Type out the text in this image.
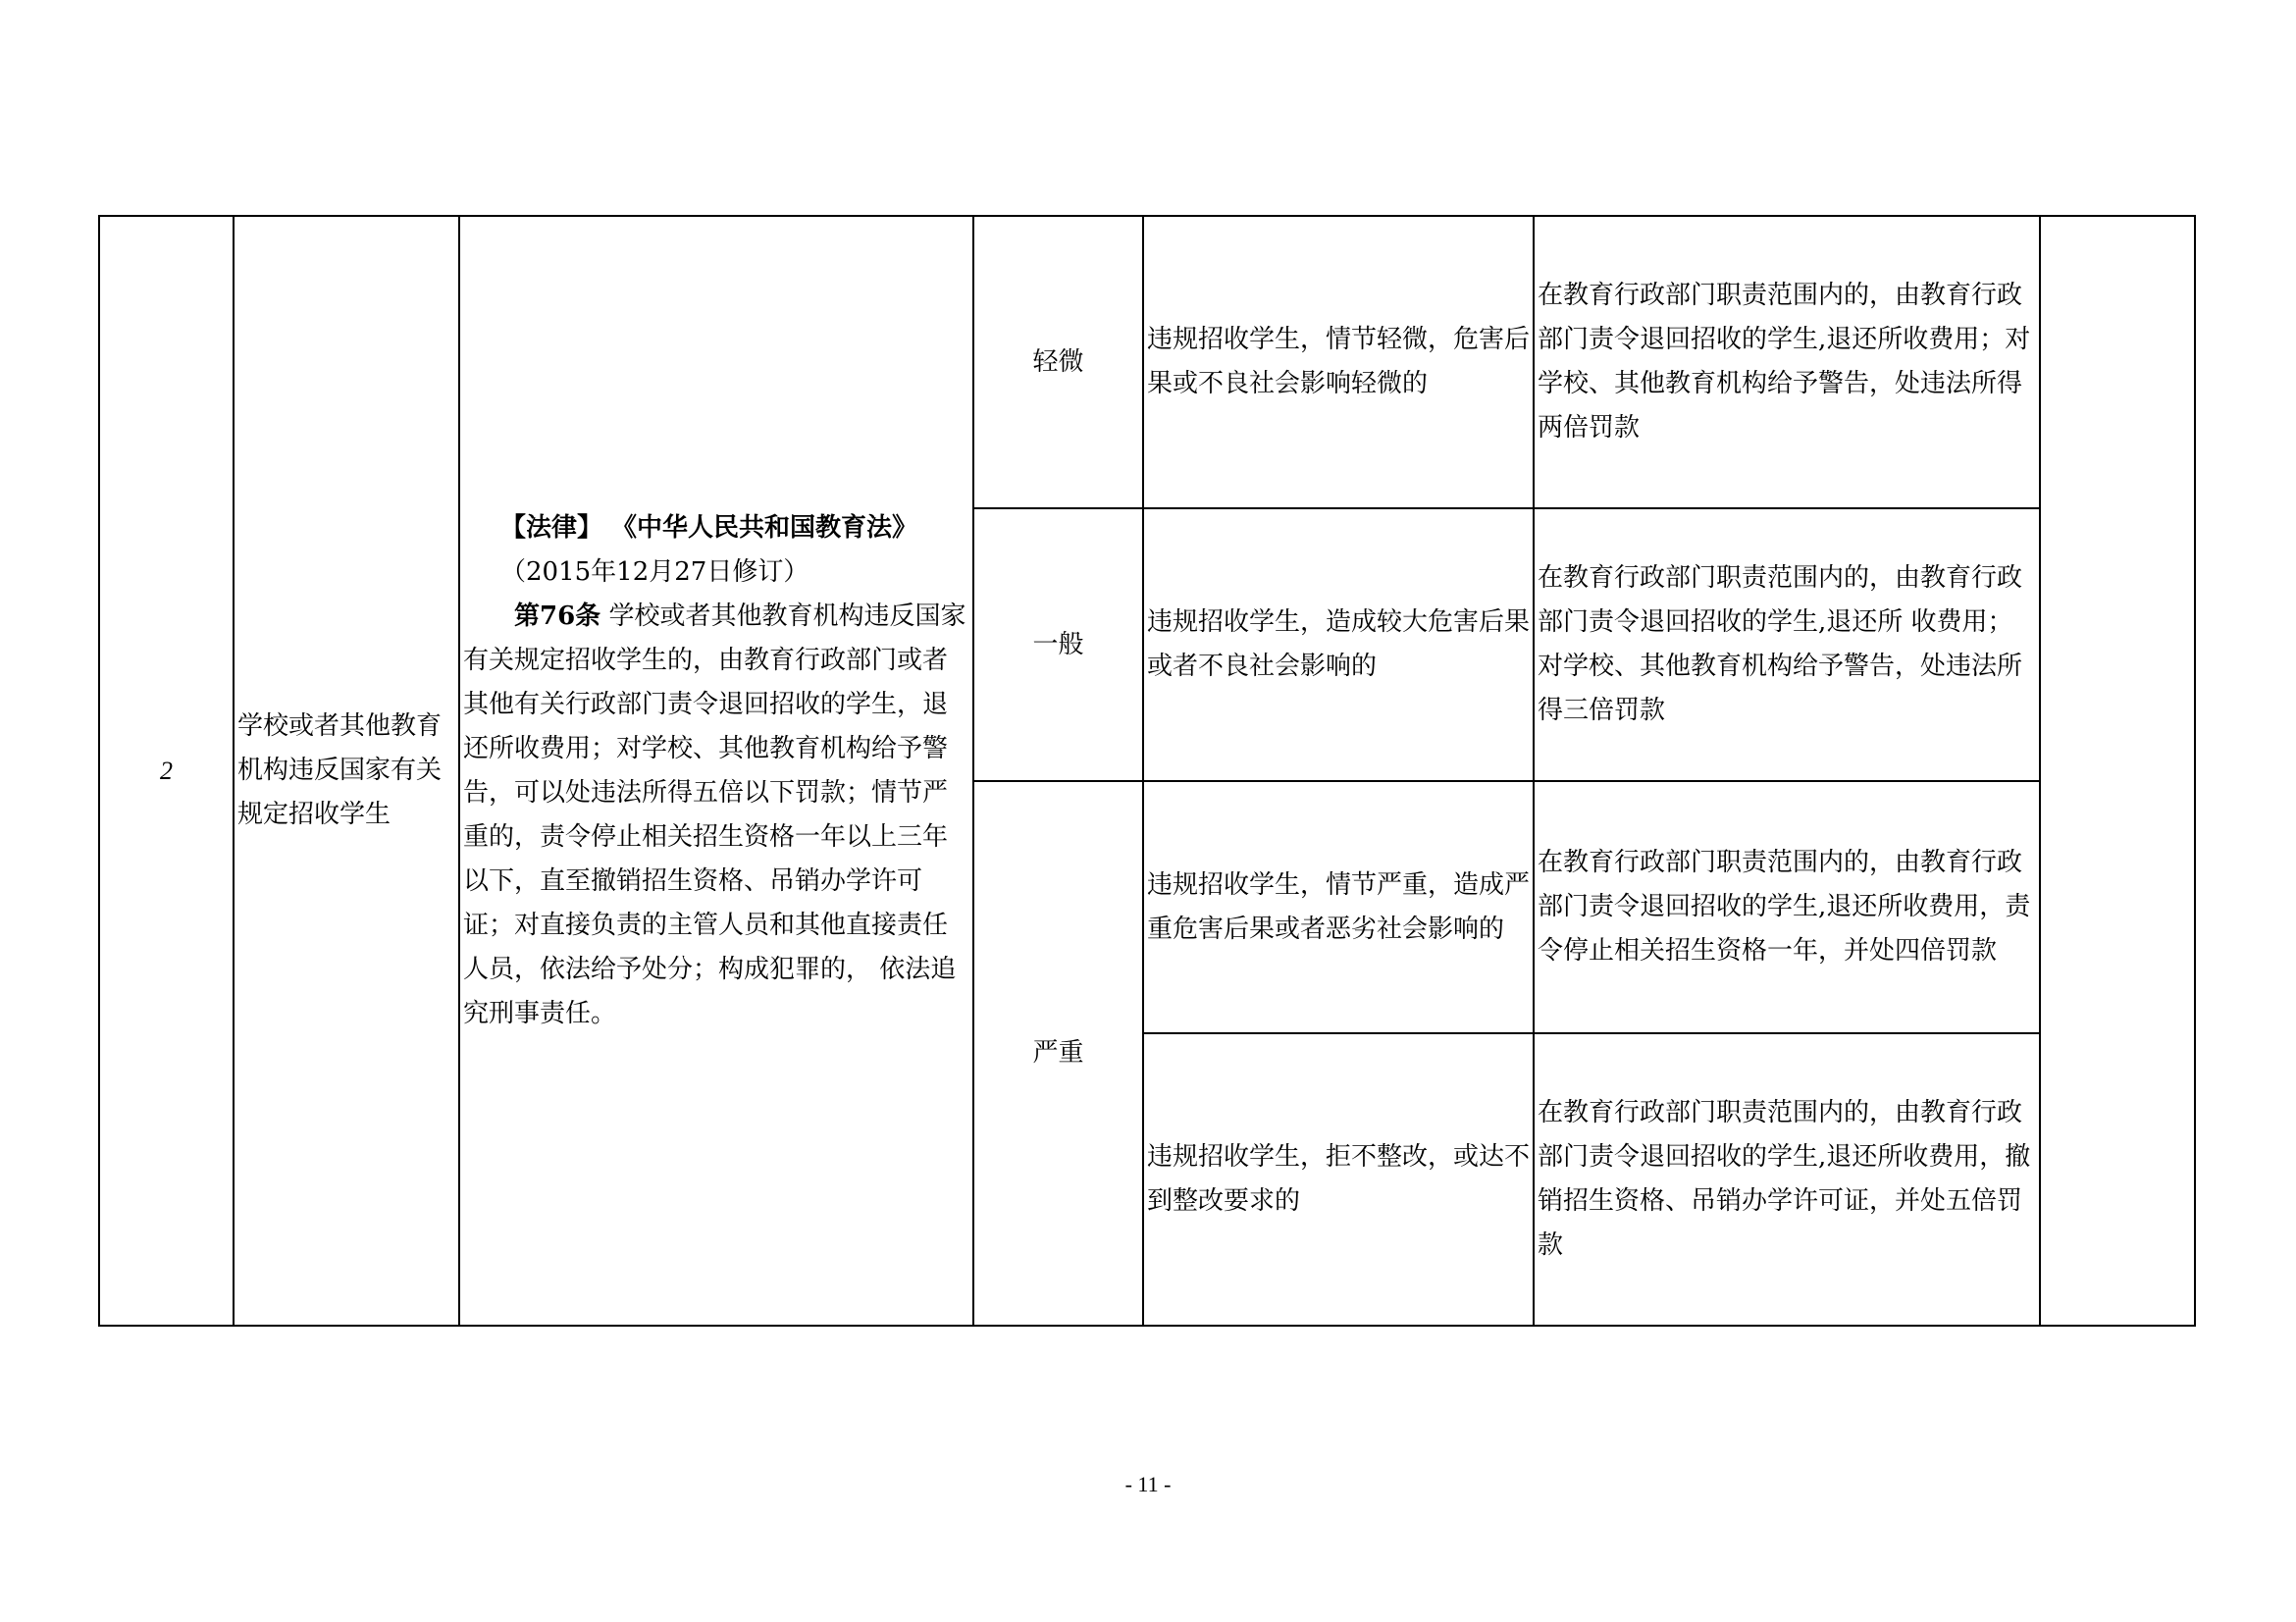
2	学校或者其他教育机构违反国家有关规定招收学生	【法律】 《中华人民共和国教育法》
（2015年12月27日修订）
第76条 学校或者其他教育机构违反国家有关规定招收学生的，由教育行政部门或者其他有关行政部门责令退回招收的学生，退还所收费用；对学校、其他教育机构给予警告，可以处违法所得五倍以下罚款；情节严重的，责令停止相关招生资格一年以上三年以下，直至撤销招生资格、吊销办学许可证；对直接负责的主管人员和其他直接责任人员，依法给予处分；构成犯罪的， 依法追究刑事责任。	轻微	违规招收学生，情节轻微，危害后果或不良社会影响轻微的	在教育行政部门职责范围内的，由教育行政部门责令退回招收的学生,退还所收费用；对学校、其他教育机构给予警告，处违法所得两倍罚款	
			一般	违规招收学生，造成较大危害后果或者不良社会影响的	在教育行政部门职责范围内的，由教育行政部门责令退回招收的学生,退还所 收费用；对学校、其他教育机构给予警告，处违法所得三倍罚款	
			严重	违规招收学生，情节严重，造成严重危害后果或者恶劣社会影响的	在教育行政部门职责范围内的，由教育行政部门责令退回招收的学生,退还所收费用，责令停止相关招生资格一年，并处四倍罚款	
				违规招收学生，拒不整改，或达不到整改要求的	在教育行政部门职责范围内的，由教育行政部门责令退回招收的学生,退还所收费用，撤销招生资格、吊销办学许可证，并处五倍罚款	
- 11 -
